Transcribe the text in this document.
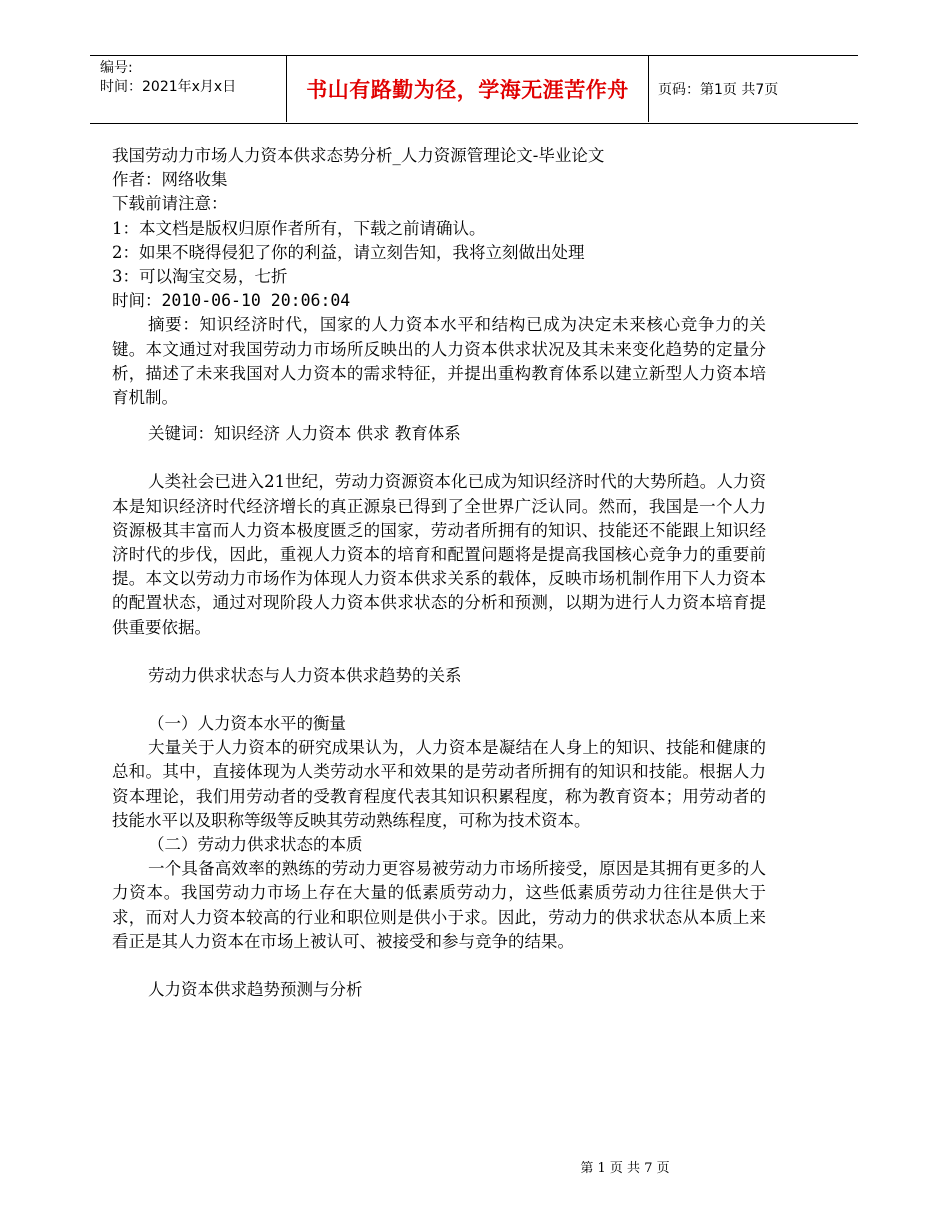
编号:
时间：2021年x月x日	书山有路勤为径，学海无涯苦作舟 页码：第1页 共7页
我国劳动力市场人力资本供求态势分析_人力资源管理论文-毕业论文
作者：网络收集
下载前请注意：
1：本文档是版权归原作者所有，下载之前请确认。
2：如果不晓得侵犯了你的利益，请立刻告知，我将立刻做出处理
3：可以淘宝交易，七折
时间：2010-06-10 20:06:04

摘要：知识经济时代，国家的人力资本水平和结构已成为决定未来核心竞争力的关键。本文通过对我国劳动力市场所反映出的人力资本供求状况及其未来变化趋势的定量分析，描述了未来我国对人力资本的需求特征，并提出重构教育体系以建立新型人力资本培育机制。

关键词：知识经济 人力资本 供求 教育体系

人类社会已进入21世纪，劳动力资源资本化已成为知识经济时代的大势所趋。人力资本是知识经济时代经济增长的真正源泉已得到了全世界广泛认同。然而，我国是一个人力资源极其丰富而人力资本极度匮乏的国家，劳动者所拥有的知识、技能还不能跟上知识经济时代的步伐，因此，重视人力资本的培育和配置问题将是提高我国核心竞争力的重要前提。本文以劳动力市场作为体现人力资本供求关系的载体，反映市场机制作用下人力资本的配置状态，通过对现阶段人力资本供求状态的分析和预测，以期为进行人力资本培育提供重要依据。

劳动力供求状态与人力资本供求趋势的关系

（一）人力资本水平的衡量

大量关于人力资本的研究成果认为，人力资本是凝结在人身上的知识、技能和健康的总和。其中，直接体现为人类劳动水平和效果的是劳动者所拥有的知识和技能。根据人力资本理论，我们用劳动者的受教育程度代表其知识积累程度，称为教育资本；用劳动者的技能水平以及职称等级等反映其劳动熟练程度，可称为技术资本。

（二）劳动力供求状态的本质

一个具备高效率的熟练的劳动力更容易被劳动力市场所接受，原因是其拥有更多的人力资本。我国劳动力市场上存在大量的低素质劳动力，这些低素质劳动力往往是供大于求，而对人力资本较高的行业和职位则是供小于求。因此，劳动力的供求状态从本质上来看正是其人力资本在市场上被认可、被接受和参与竞争的结果。

人力资本供求趋势预测与分析

第 1 页 共 7 页
